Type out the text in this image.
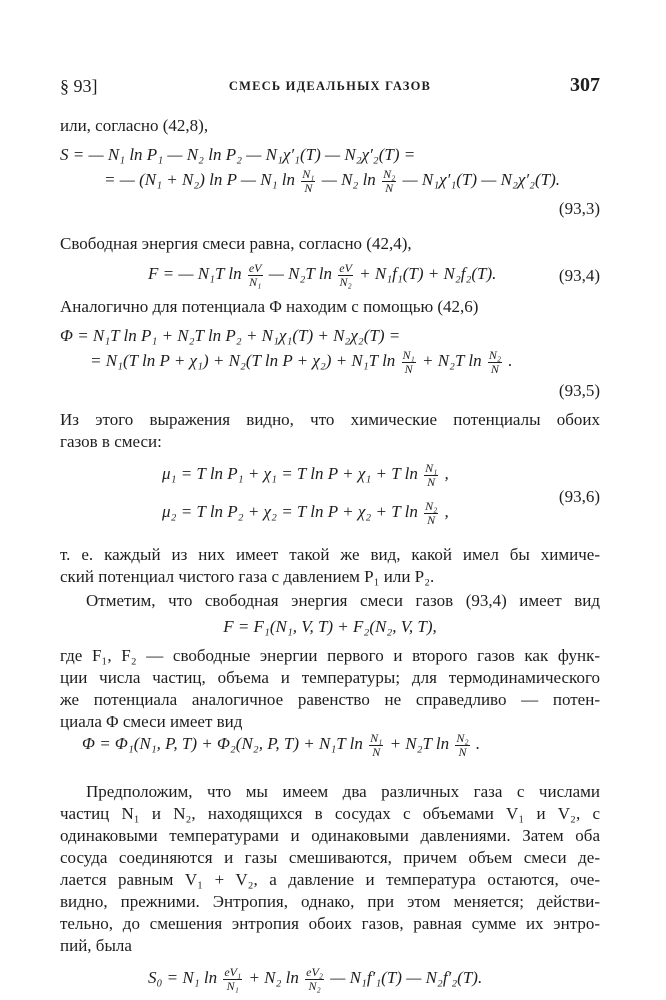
§ 93]	СМЕСЬ ИДЕАЛЬНЫХ ГАЗОВ	307
или, согласно (42,8),
S = — N₁ ln P₁ — N₂ ln P₂ — N₁χ′₁(T) — N₂χ′₂(T) =
= — (N₁ + N₂) ln P — N₁ $\ln \frac{\text{N₁}}{N}$ — N₂ $\ln \frac{\text{N₂}}{N}$ — N₁χ′₁(T) — N₂χ′₂(T).
(93,3)
Свободная энергия смеси равна, согласно (42,4),
F = — N₁T $\ln \frac{eV}{\text{N₁}}$ — N₂T $\ln \frac{eV}{\text{N₂}} + N_1f_1(T) + N_2f_2(T)$.	(93,4)
Аналогично для потенциала Φ находим с помощью (42,6)
Φ = N₁T ln P₁ + N₂T ln P₂ + N₁χ₁(T) + N₂χ₂(T) =
= N₁(T ln P + χ₁) + N₂(T ln P + χ₂) + N₁T $\ln \frac{\text{N₁}}{N} + N_2T$ $\ln \frac{\text{N₂}}{N}$ .
(93,5)
Из этого выражения видно, что химические потенциалы обоих
газов в смеси:
μ₁ = T ln P₁ + χ₁ = T ln P + χ₁ + T $\ln \frac{\text{N₁}}{N}$ ,
μ₂ = T ln P₂ + χ₂ = T ln P + χ₂ + T $\ln \frac{\text{N₂}}{N}$ ,
(93,6)
т. е. каждый из них имеет такой же вид, какой имел бы химиче-
ский потенциал чистого газа с давлением P₁ или P₂.
Отметим, что свободная энергия смеси газов (93,4) имеет вид
F = F₁(N₁, V, T) + F₂(N₂, V, T),
где F₁, F₂ — свободные энергии первого и второго газов как функ-
ции числа частиц, объема и температуры; для термодинамического
же потенциала аналогичное равенство не справедливо — потен-
циала Φ смеси имеет вид
Φ = Φ₁(N₁, P, T) + Φ₂(N₂, P, T) + N₁T $\ln \frac{\text{N₁}}{N} + N_2T$ $\ln \frac{\text{N₂}}{N}$ .
Предположим, что мы имеем два различных газа с числами
частиц N₁ и N₂, находящихся в сосудах с объемами V₁ и V₂, с
одинаковыми температурами и одинаковыми давлениями. Затем оба
сосуда соединяются и газы смешиваются, причем объем смеси де-
лается равным V₁ + V₂, а давление и температура остаются, оче-
видно, прежними. Энтропия, однако, при этом меняется; действи-
тельно, до смешения энтропия обоих газов, равная сумме их энтро-
пий, была
S₀ = N₁ $\ln \frac{\text{eV₁}}{\text{N₁}} + N_2$ $\ln \frac{\text{eV₂}}{\text{N₂}}$ — N₁f′₁(T) — N₂f′₂(T).
